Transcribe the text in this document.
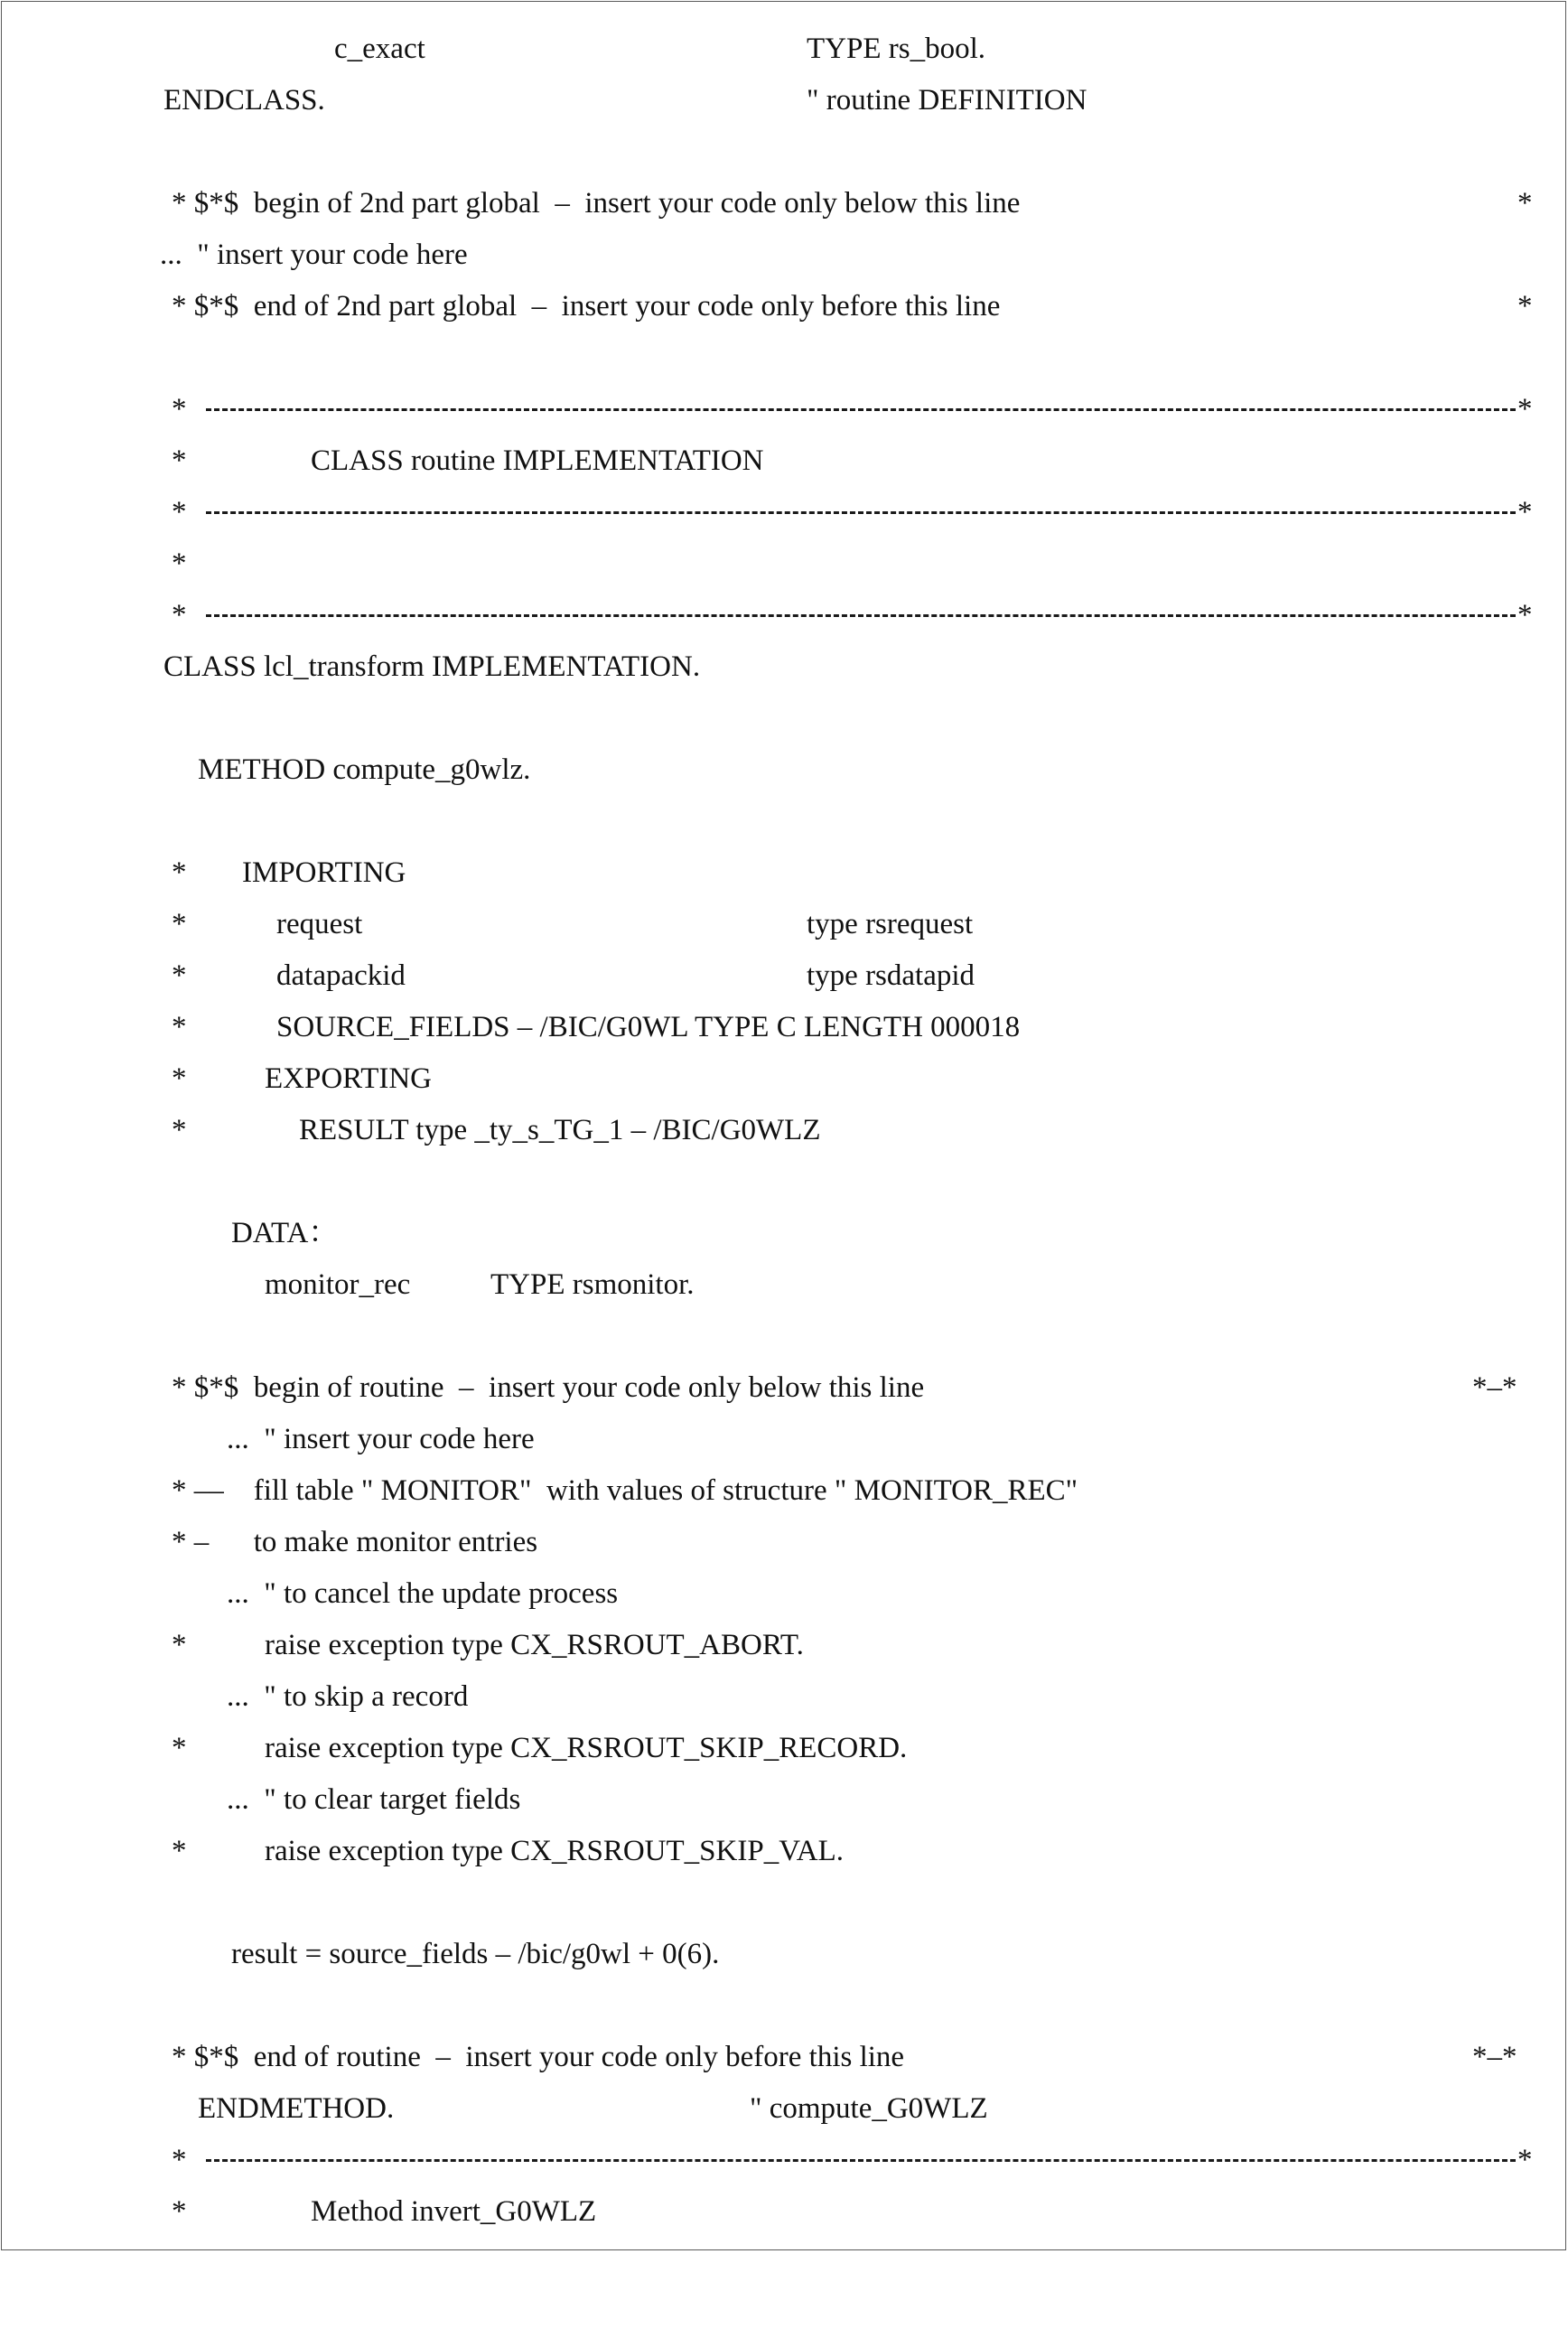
c_exact

	TYPE rs_bool.

ENDCLASS.

	" routine DEFINITION

* $*$  begin of 2nd part global  –  insert your code only below this line

	*

...  " insert your code here

* $*$  end of 2nd part global  –  insert your code only before this line

	*

*

	*

*

	CLASS routine IMPLEMENTATION

*

	*

*

*

	*

CLASS lcl_transform IMPLEMENTATION.

METHOD compute_g0wlz.

*

IMPORTING

*

	request

	type rsrequest

*

	datapackid

	type rsdatapid

*

	SOURCE_FIELDS – /BIC/G0WL TYPE C LENGTH 000018

*

	EXPORTING

*

	RESULT type _ty_s_TG_1 – /BIC/G0WLZ

DATA：

monitor_rec

	TYPE rsmonitor.

* $*$  begin of routine  –  insert your code only below this line

	*–*

...  " insert your code here

* ––    fill table " MONITOR"  with values of structure " MONITOR_REC"

* –      to make monitor entries

...  " to cancel the update process

*

	raise exception type CX_RSROUT_ABORT.

...  " to skip a record

*

	raise exception type CX_RSROUT_SKIP_RECORD.

...  " to clear target fields

*

	raise exception type CX_RSROUT_SKIP_VAL.

result = source_fields – /bic/g0wl + 0(6).

* $*$  end of routine  –  insert your code only before this line

	*–*

ENDMETHOD.

	" compute_G0WLZ

*

	*

*

	Method invert_G0WLZ
